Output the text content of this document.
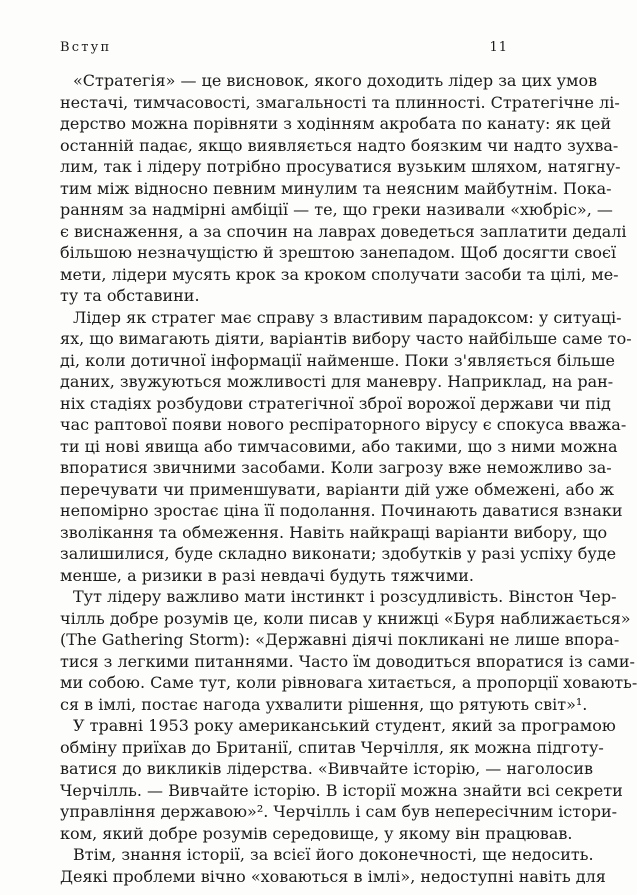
Вступ	11
«Стратегія» — це висновок, якого доходить лідер за цих умов
нестачі, тимчасовості, змагальності та плинності. Стратегічне лі-
дерство можна порівняти з ходінням акробата по канату: як цей
останній падає, якщо виявляється надто боязким чи надто зухва-
лим, так і лідеру потрібно просуватися вузьким шляхом, натягну-
тим між відносно певним минулим та неясним майбутнім. Пока-
ранням за надмірні амбіції — те, що греки називали «хюбріс», —
є виснаження, а за спочин на лаврах доведеться заплатити дедалі
більшою незначущістю й зрештою занепадом. Щоб досягти своєї
мети, лідери мусять крок за кроком сполучати засоби та цілі, ме-
ту та обставини.
Лідер як стратег має справу з властивим парадоксом: у ситуаці-
ях, що вимагають діяти, варіантів вибору часто найбільше саме то-
ді, коли дотичної інформації найменше. Поки з'являється більше
даних, звужуються можливості для маневру. Наприклад, на ран-
ніх стадіях розбудови стратегічної зброї ворожої держави чи під
час раптової появи нового респіраторного вірусу є спокуса вважа-
ти ці нові явища або тимчасовими, або такими, що з ними можна
впоратися звичними засобами. Коли загрозу вже неможливо за-
перечувати чи применшувати, варіанти дій уже обмежені, або ж
непомірно зростає ціна її подолання. Починають даватися взнаки
зволікання та обмеження. Навіть найкращі варіанти вибору, що
залишилися, буде складно виконати; здобутків у разі успіху буде
менше, а ризики в разі невдачі будуть тяжчими.
Тут лідеру важливо мати інстинкт і розсудливість. Вінстон Чер-
чілль добре розумів це, коли писав у книжці «Буря наближається»
(The Gathering Storm): «Державні діячі покликані не лише впора-
тися з легкими питаннями. Часто їм доводиться впоратися із сами-
ми собою. Саме тут, коли рівновага хитається, а пропорції ховають-
ся в імлі, постає нагода ухвалити рішення, що рятують світ»¹.
У травні 1953 року американський студент, який за програмою
обміну приїхав до Британії, спитав Черчілля, як можна підготу-
ватися до викликів лідерства. «Вивчайте історію, — наголосив
Черчілль. — Вивчайте історію. В історії можна знайти всі секрети
управління державою»². Черчілль і сам був непересічним істори-
ком, який добре розумів середовище, у якому він працював.
Втім, знання історії, за всієї його доконечності, ще недосить.
Деякі проблеми вічно «ховаються в імлі», недоступні навіть для
